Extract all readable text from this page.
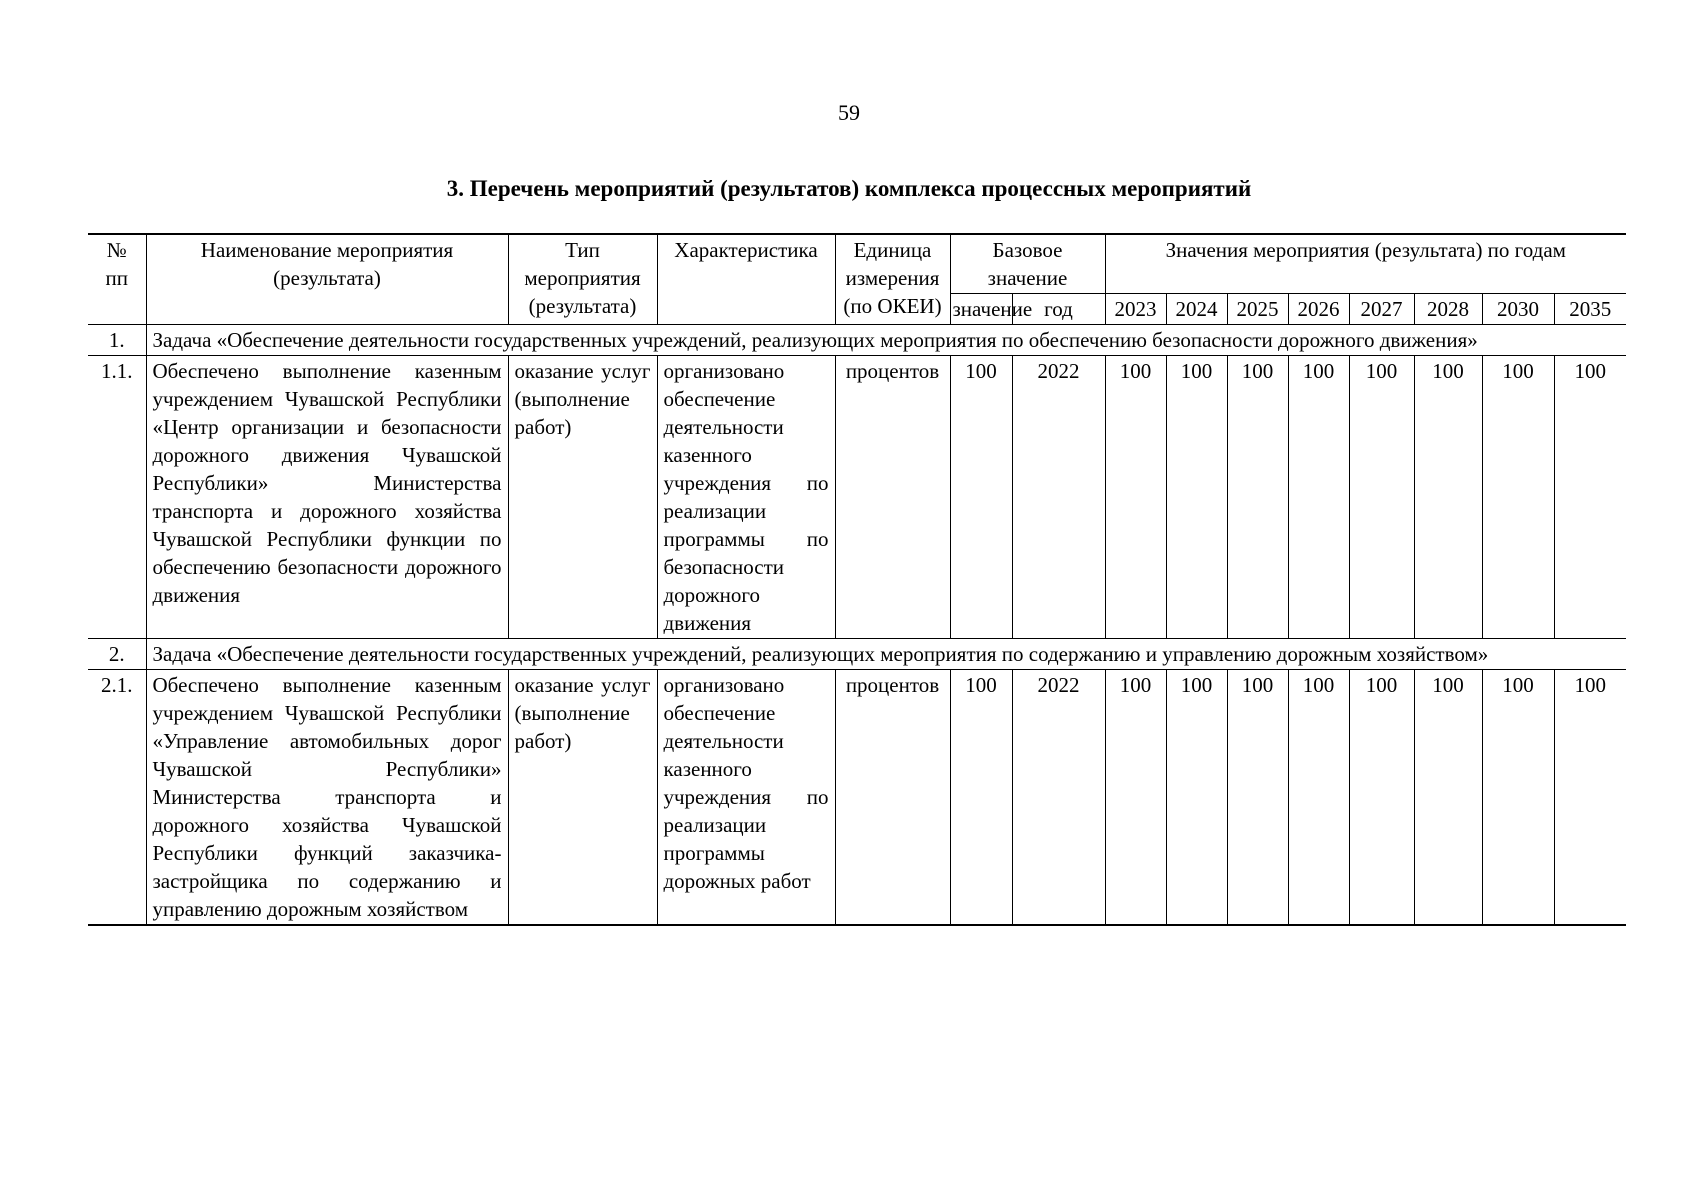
59
3. Перечень мероприятий (результатов) комплекса процессных мероприятий
№ пп	Наименование мероприятия (результата)	Тип мероприятия (результата)	Характеристика	Единица измерения (по ОКЕИ)	Базовое значение		Значения мероприятия (результата) по годам							
					значение	год	2023	2024	2025	2026	2027	2028	2030	2035
1.	Задача «Обеспечение деятельности государственных учреждений, реализующих мероприятия по обеспечению безопасности дорожного движения»													
1.1.	Обеспечено выполнение казенным учреждением Чувашской Республики «Центр организации и безопасности дорожного движения Чувашской Республики» Министерства транспорта и дорожного хозяйства Чувашской Республики функции по обеспечению безопасности дорожного движения	оказание услуг (выполнение работ)	организовано обеспечение деятельности казенного учреждения по реализации программы по безопасности дорожного движения	процентов	100	2022	100	100	100	100	100	100	100	100
2.	Задача «Обеспечение деятельности государственных учреждений, реализующих мероприятия по содержанию и управлению дорожным хозяйством»													
2.1.	Обеспечено выполнение казенным учреждением Чувашской Республики «Управление автомобильных дорог Чувашской Республики» Министерства транспорта и дорожного хозяйства Чувашской Республики функций заказчика-застройщика по содержанию и управлению дорожным хозяйством	оказание услуг (выполнение работ)	организовано обеспечение деятельности казенного учреждения по реализации программы дорожных работ	процентов	100	2022	100	100	100	100	100	100	100	100
